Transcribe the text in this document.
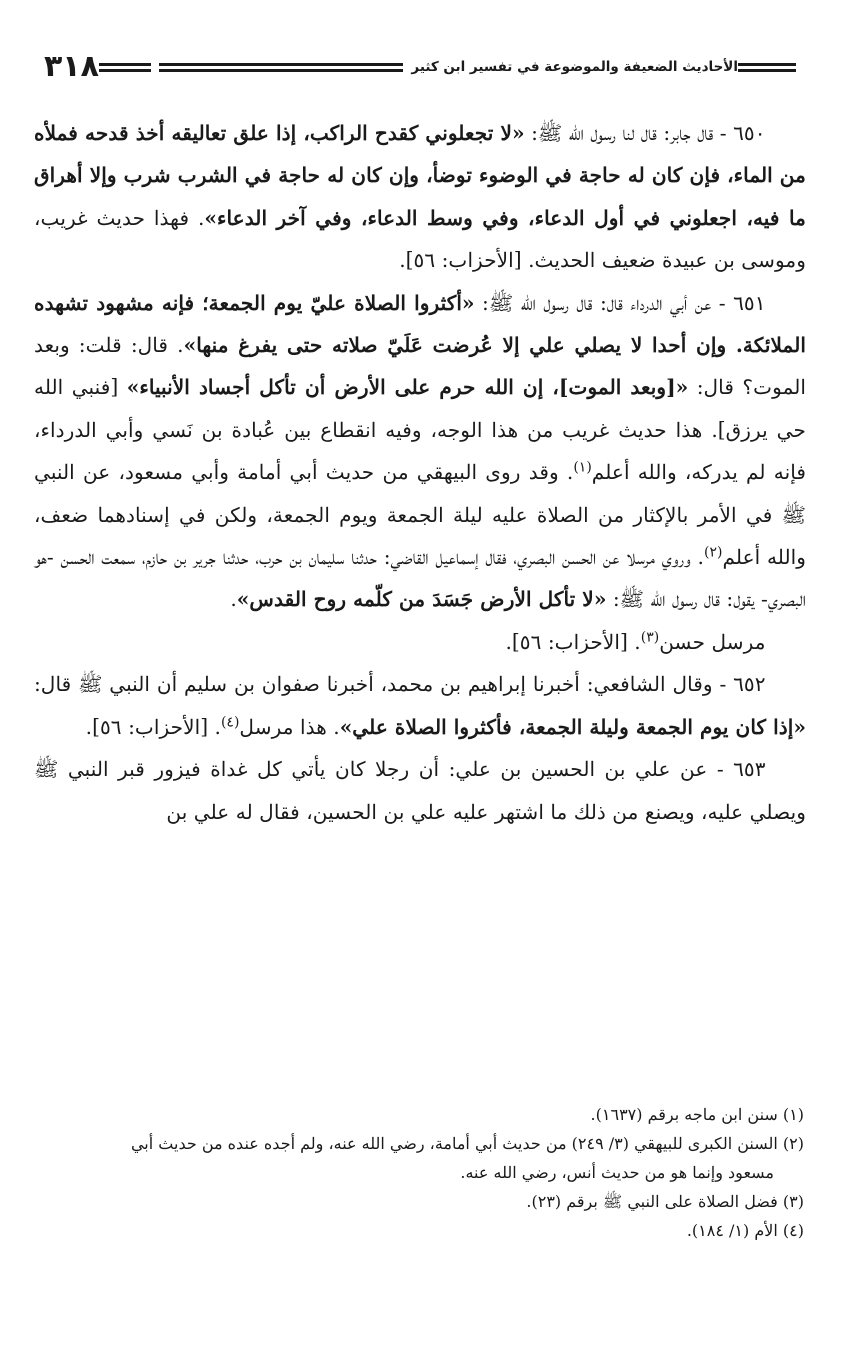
٣١٨	الأحاديث الضعيفة والموضوعة في تفسير ابن كثير

  ٦٥٠ - قال جابر: قال لنا رسول الله ﷺ: «لا تجعلوني كقدح الراكب، إذا علق تعاليقه أخذ قدحه فملأه من الماء، فإن كان له حاجة في الوضوء توضأ، وإن كان له حاجة في الشرب شرب وإلا أهراق ما فيه، اجعلوني في أول الدعاء، وفي وسط الدعاء، وفي آخر الدعاء». فهذا حديث غريب، وموسى بن عبيدة ضعيف الحديث. [الأحزاب: ٥٦].

  ٦٥١ - عن أبي الدرداء قال: قال رسول الله ﷺ: «أكثروا الصلاة عليّ يوم الجمعة؛ فإنه مشهود تشهده الملائكة. وإن أحدا لا يصلي علي إلا عُرضت عَلَيّ صلاته حتى يفرغ منها». قال: قلت: وبعد الموت؟ قال: «[وبعد الموت]، إن الله حرم على الأرض أن تأكل أجساد الأنبياء» [فنبي الله حي يرزق]. هذا حديث غريب من هذا الوجه، وفيه انقطاع بين عُبادة بن نَسي وأبي الدرداء، فإنه لم يدركه، والله أعلم$^{(١)}$. وقد روى البيهقي من حديث أبي أمامة وأبي مسعود، عن النبي ﷺ في الأمر بالإكثار من الصلاة عليه ليلة الجمعة ويوم الجمعة، ولكن في إسنادهما ضعف، والله أعلم$^{(٢)}$. وروي مرسلا عن الحسن البصري، فقال إسماعيل القاضي: حدثنا سليمان بن حرب، حدثنا جرير بن حازم، سمعت الحسن -هو البصري- يقول: قال رسول الله ﷺ: «لا تأكل الأرض جَسَدَ من كلّمه روح القدس».

  مرسل حسن$^{(٣)}$. [الأحزاب: ٥٦].

  ٦٥٢ - وقال الشافعي: أخبرنا إبراهيم بن محمد، أخبرنا صفوان بن سليم أن النبي ﷺ قال: «إذا كان يوم الجمعة وليلة الجمعة، فأكثروا الصلاة علي». هذا مرسل$^{(٤)}$. [الأحزاب: ٥٦].

  ٦٥٣ - عن علي بن الحسين بن علي: أن رجلا كان يأتي كل غداة فيزور قبر النبي ﷺ ويصلي عليه، ويصنع من ذلك ما اشتهر عليه علي بن الحسين، فقال له علي بن

(١) سنن ابن ماجه برقم (١٦٣٧).

(٢) السنن الكبرى للبيهقي (٣/ ٢٤٩) من حديث أبي أمامة، رضي الله عنه، ولم أجده عنده من حديث أبي

مسعود وإنما هو من حديث أنس، رضي الله عنه.

(٣) فضل الصلاة على النبي ﷺ برقم (٢٣).

(٤) الأم (١/ ١٨٤).
